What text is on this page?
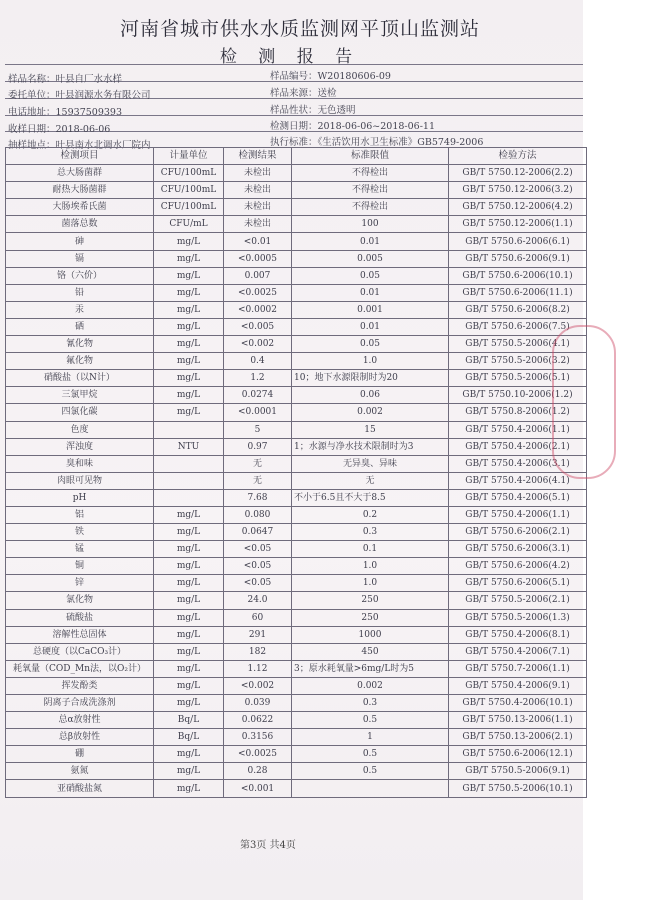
河南省城市供水水质监测网平顶山监测站
检 测 报 告
样品名称：叶县自厂水水样	样品编号：W20180606-09
委托单位：叶县润源水务有限公司	样品来源：送检
电话地址：15937509393	样品性状：无色透明
收样日期：2018-06-06	检测日期：2018-06-06~2018-06-11
抽样地点：叶县南水北调水厂院内	执行标准：《生活饮用水卫生标准》GB5749-2006
检测项目	计量单位	检测结果	标准限值	检验方法
总大肠菌群	CFU/100mL	未检出	不得检出	GB/T 5750.12-2006(2.2)
耐热大肠菌群	CFU/100mL	未检出	不得检出	GB/T 5750.12-2006(3.2)
大肠埃希氏菌	CFU/100mL	未检出	不得检出	GB/T 5750.12-2006(4.2)
菌落总数	CFU/mL	未检出	100	GB/T 5750.12-2006(1.1)
砷	mg/L	<0.01	0.01	GB/T 5750.6-2006(6.1)
镉	mg/L	<0.0005	0.005	GB/T 5750.6-2006(9.1)
铬（六价）	mg/L	0.007	0.05	GB/T 5750.6-2006(10.1)
铅	mg/L	<0.0025	0.01	GB/T 5750.6-2006(11.1)
汞	mg/L	<0.0002	0.001	GB/T 5750.6-2006(8.2)
硒	mg/L	<0.005	0.01	GB/T 5750.6-2006(7.5)
氰化物	mg/L	<0.002	0.05	GB/T 5750.5-2006(4.1)
氟化物	mg/L	0.4	1.0	GB/T 5750.5-2006(3.2)
硝酸盐（以N计）	mg/L	1.2	10；地下水源限制时为20	GB/T 5750.5-2006(5.1)
三氯甲烷	mg/L	0.0274	0.06	GB/T 5750.10-2006(1.2)
四氯化碳	mg/L	<0.0001	0.002	GB/T 5750.8-2006(1.2)
色度		5	15	GB/T 5750.4-2006(1.1)
浑浊度	NTU	0.97	1；水源与净水技术限制时为3	GB/T 5750.4-2006(2.1)
臭和味		无	无异臭、异味	GB/T 5750.4-2006(3.1)
肉眼可见物		无	无	GB/T 5750.4-2006(4.1)
pH		7.68	不小于6.5且不大于8.5	GB/T 5750.4-2006(5.1)
铝	mg/L	0.080	0.2	GB/T 5750.4-2006(1.1)
铁	mg/L	0.0647	0.3	GB/T 5750.6-2006(2.1)
锰	mg/L	<0.05	0.1	GB/T 5750.6-2006(3.1)
铜	mg/L	<0.05	1.0	GB/T 5750.6-2006(4.2)
锌	mg/L	<0.05	1.0	GB/T 5750.6-2006(5.1)
氯化物	mg/L	24.0	250	GB/T 5750.5-2006(2.1)
硫酸盐	mg/L	60	250	GB/T 5750.5-2006(1.3)
溶解性总固体	mg/L	291	1000	GB/T 5750.4-2006(8.1)
总硬度（以CaCO₃计）	mg/L	182	450	GB/T 5750.4-2006(7.1)
耗氧量（COD_Mn法，以O₂计）	mg/L	1.12	3；原水耗氧量>6mg/L时为5	GB/T 5750.7-2006(1.1)
挥发酚类	mg/L	<0.002	0.002	GB/T 5750.4-2006(9.1)
阴离子合成洗涤剂	mg/L	0.039	0.3	GB/T 5750.4-2006(10.1)
总α放射性	Bq/L	0.0622	0.5	GB/T 5750.13-2006(1.1)
总β放射性	Bq/L	0.3156	1	GB/T 5750.13-2006(2.1)
硼	mg/L	<0.0025	0.5	GB/T 5750.6-2006(12.1)
氨氮	mg/L	0.28	0.5	GB/T 5750.5-2006(9.1)
亚硝酸盐氮	mg/L	<0.001		GB/T 5750.5-2006(10.1)
第3页 共4页
